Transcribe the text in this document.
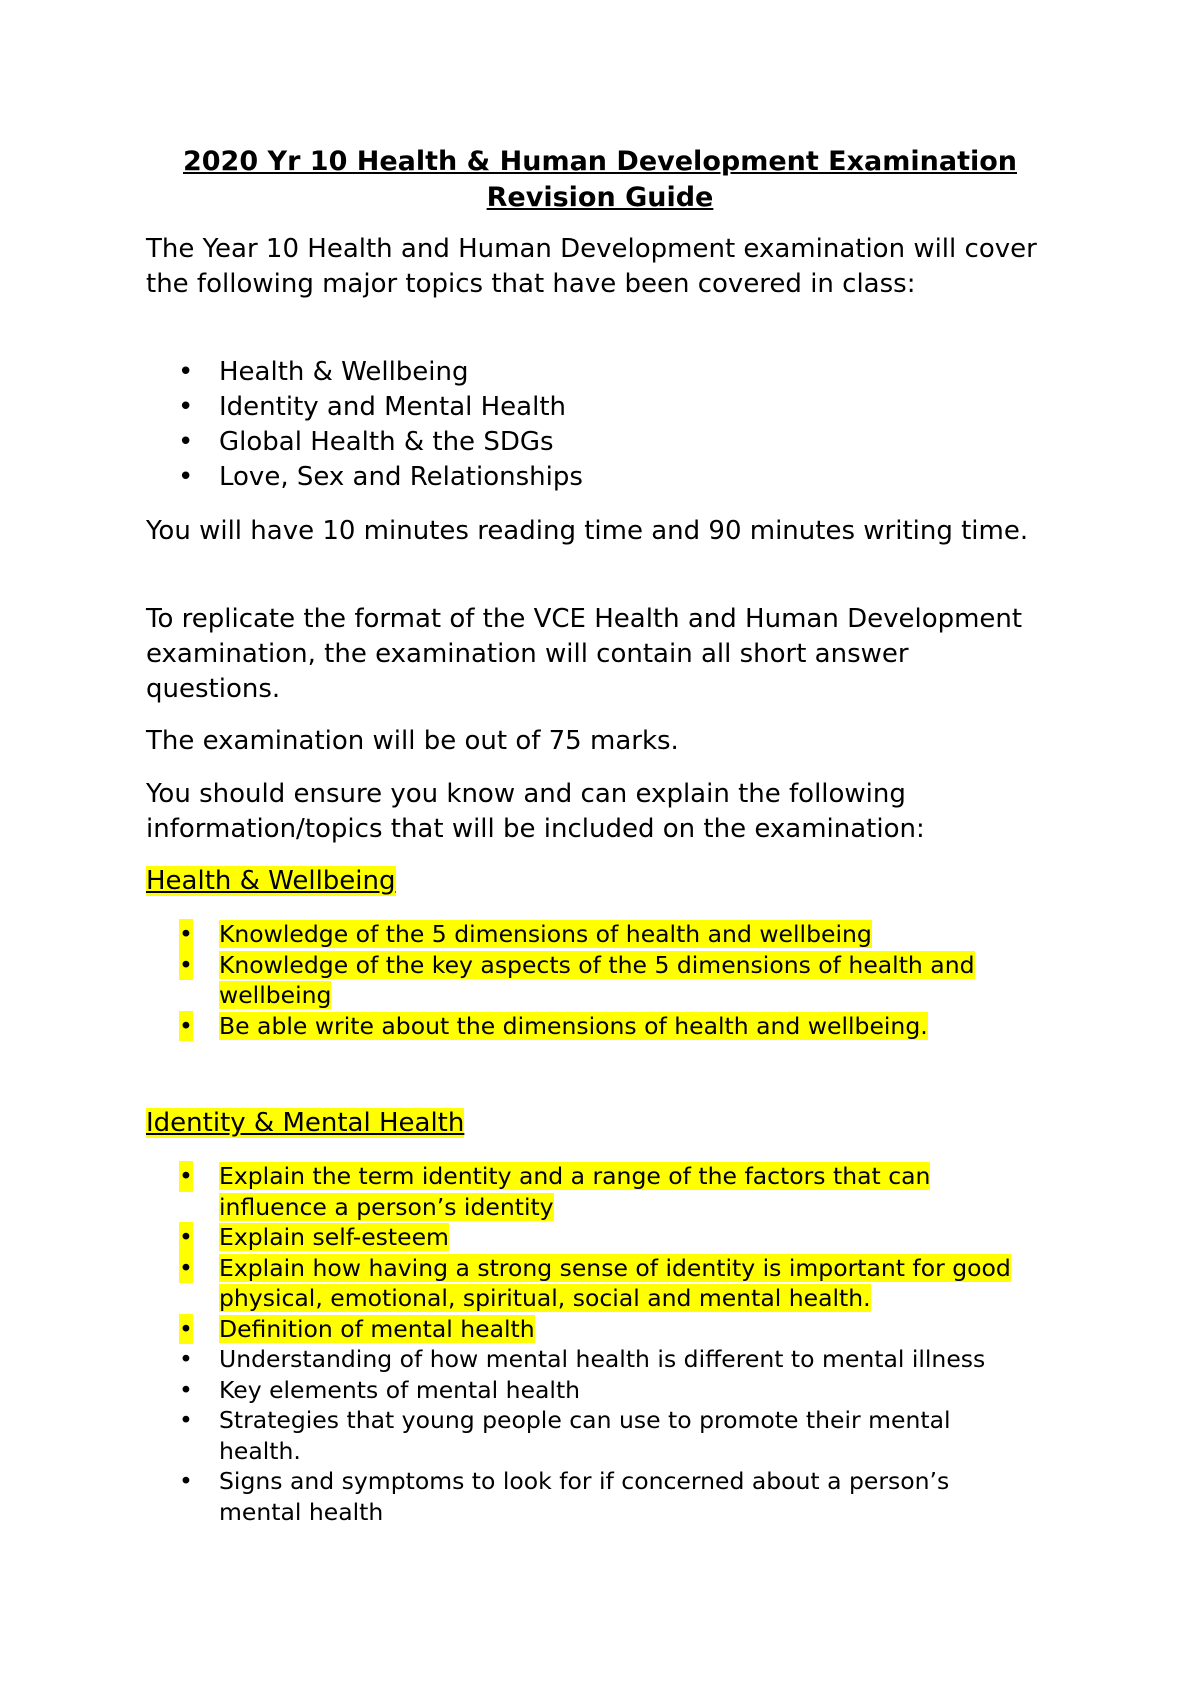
2020 Yr 10 Health & Human Development Examination
Revision Guide

The Year 10 Health and Human Development examination will cover the following major topics that have been covered in class:

• Health & Wellbeing
• Identity and Mental Health
• Global Health & the SDGs
• Love, Sex and Relationships

You will have 10 minutes reading time and 90 minutes writing time.

To replicate the format of the VCE Health and Human Development examination, the examination will contain all short answer questions.

The examination will be out of 75 marks.

You should ensure you know and can explain the following information/topics that will be included on the examination:

Health & Wellbeing
• Knowledge of the 5 dimensions of health and wellbeing
• Knowledge of the key aspects of the 5 dimensions of health and wellbeing
• Be able write about the dimensions of health and wellbeing.
Identity & Mental Health
• Explain the term identity and a range of the factors that can influence a person’s identity
• Explain self-esteem
• Explain how having a strong sense of identity is important for good physical, emotional, spiritual, social and mental health.
• Definition of mental health
• Understanding of how mental health is different to mental illness
• Key elements of mental health
• Strategies that young people can use to promote their mental health.
• Signs and symptoms to look for if concerned about a person’s mental health
